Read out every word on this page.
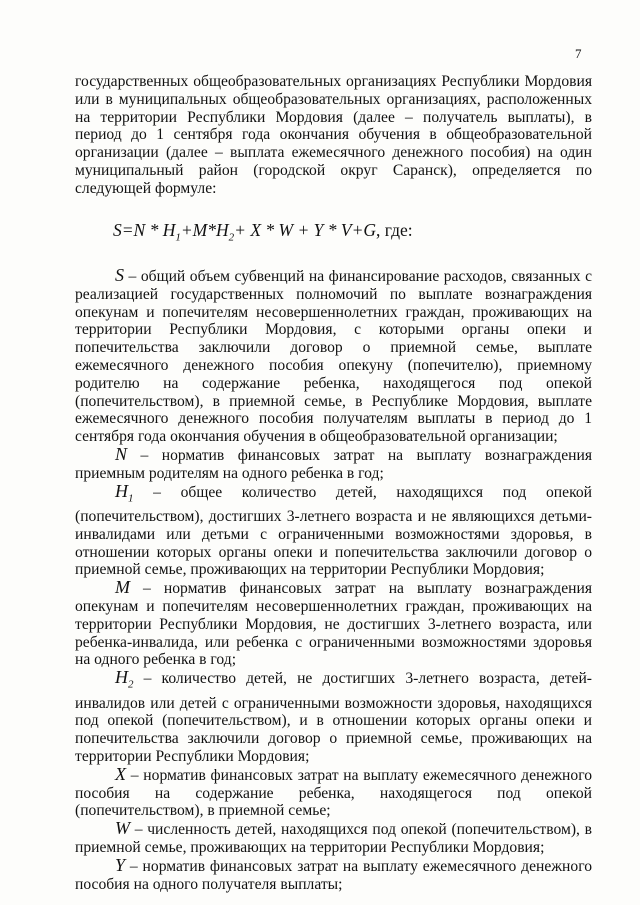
7

государственных общеобразовательных организациях Республики Мордовия или в муниципальных общеобразовательных организациях, расположенных на территории Республики Мордовия (далее – получатель выплаты), в период до 1 сентября года окончания обучения в общеобразовательной организации (далее – выплата ежемесячного денежного пособия) на один муниципальный район (городской округ Саранск), определяется по следующей формуле:

$S=N * H_1+M*H_2+ X * W + Y * V+G$, где:

S – общий объем субвенций на финансирование расходов, связанных с реализацией государственных полномочий по выплате вознаграждения опекунам и попечителям несовершеннолетних граждан, проживающих на территории Республики Мордовия, с которыми органы опеки и попечительства заключили договор о приемной семье, выплате ежемесячного денежного пособия опекуну (попечителю), приемному родителю на содержание ребенка, находящегося под опекой (попечительством), в приемной семье, в Республике Мордовия, выплате ежемесячного денежного пособия получателям выплаты в период до 1 сентября года окончания обучения в общеобразовательной организации;

N – норматив финансовых затрат на выплату вознаграждения приемным родителям на одного ребенка в год;

$H_1$ – общее количество детей, находящихся под опекой (попечительством), достигших 3-летнего возраста и не являющихся детьми-инвалидами или детьми с ограниченными возможностями здоровья, в отношении которых органы опеки и попечительства заключили договор о приемной семье, проживающих на территории Республики Мордовия;

M – норматив финансовых затрат на выплату вознаграждения опекунам и попечителям несовершеннолетних граждан, проживающих на территории Республики Мордовия, не достигших 3-летнего возраста, или ребенка-инвалида, или ребенка с ограниченными возможностями здоровья на одного ребенка в год;

$H_2$ – количество детей, не достигших 3-летнего возраста, детей-инвалидов или детей с ограниченными возможности здоровья, находящихся под опекой (попечительством), и в отношении которых органы опеки и попечительства заключили договор о приемной семье, проживающих на территории Республики Мордовия;

X – норматив финансовых затрат на выплату ежемесячного денежного пособия на содержание ребенка, находящегося под опекой (попечительством), в приемной семье;

W – численность детей, находящихся под опекой (попечительством), в приемной семье, проживающих на территории Республики Мордовия;

Y – норматив финансовых затрат на выплату ежемесячного денежного пособия на одного получателя выплаты;
